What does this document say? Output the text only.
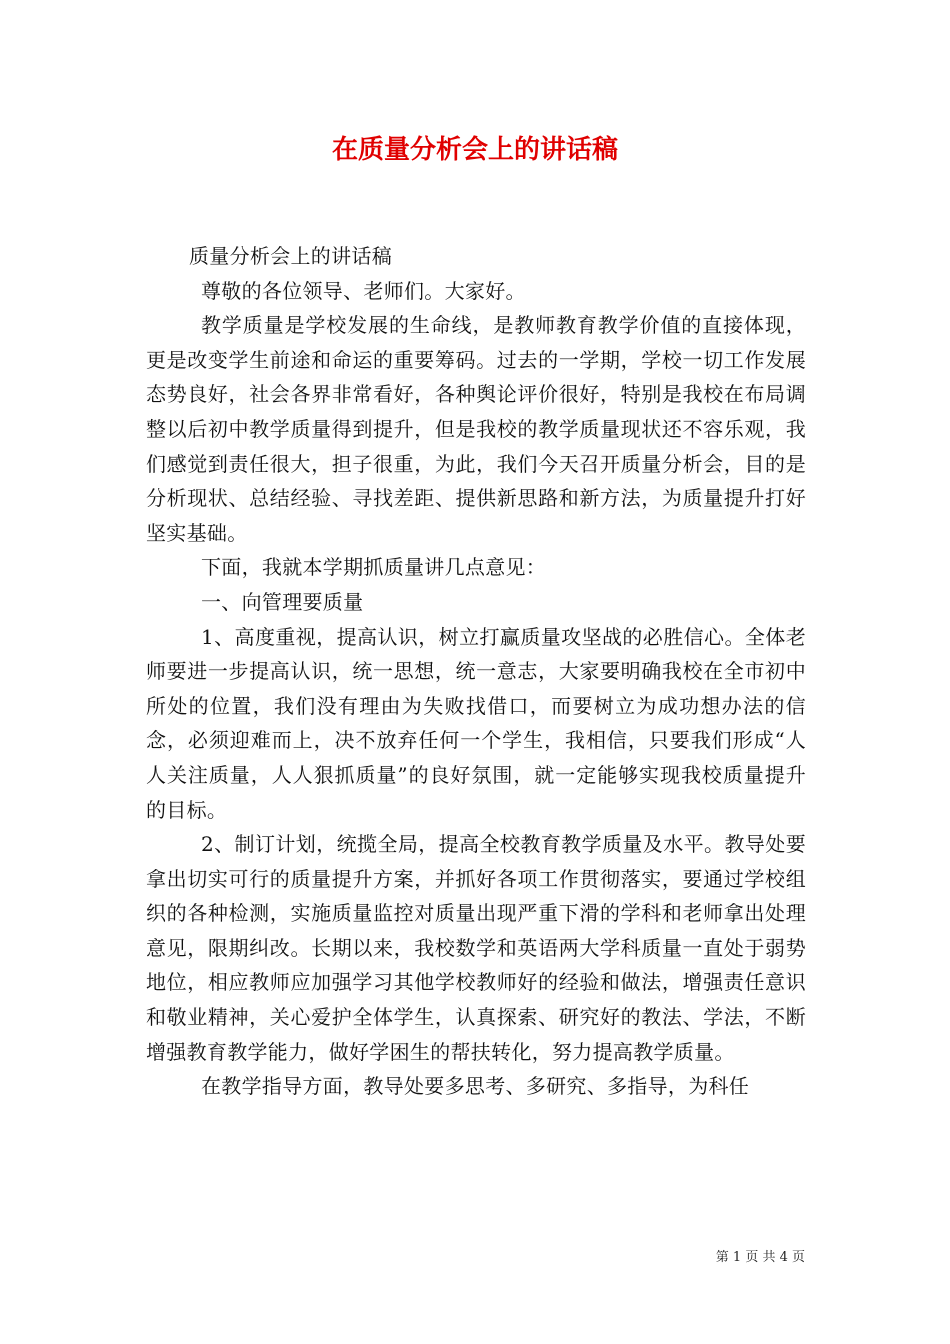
在质量分析会上的讲话稿

质量分析会上的讲话稿

尊敬的各位领导、老师们。大家好。

教学质量是学校发展的生命线，是教师教育教学价值的直接体现，更是改变学生前途和命运的重要筹码。过去的一学期，学校一切工作发展态势良好，社会各界非常看好，各种舆论评价很好，特别是我校在布局调整以后初中教学质量得到提升，但是我校的教学质量现状还不容乐观，我们感觉到责任很大，担子很重，为此，我们今天召开质量分析会，目的是分析现状、总结经验、寻找差距、提供新思路和新方法，为质量提升打好坚实基础。

下面，我就本学期抓质量讲几点意见：

一、向管理要质量

1、高度重视，提高认识，树立打赢质量攻坚战的必胜信心。全体老师要进一步提高认识，统一思想，统一意志，大家要明确我校在全市初中所处的位置，我们没有理由为失败找借口，而要树立为成功想办法的信念，必须迎难而上，决不放弃任何一个学生，我相信，只要我们形成“人人关注质量，人人狠抓质量”的良好氛围，就一定能够实现我校质量提升的目标。

2、制订计划，统揽全局，提高全校教育教学质量及水平。教导处要拿出切实可行的质量提升方案，并抓好各项工作贯彻落实，要通过学校组织的各种检测，实施质量监控对质量出现严重下滑的学科和老师拿出处理意见，限期纠改。长期以来，我校数学和英语两大学科质量一直处于弱势地位，相应教师应加强学习其他学校教师好的经验和做法，增强责任意识和敬业精神，关心爱护全体学生，认真探索、研究好的教法、学法，不断增强教育教学能力，做好学困生的帮扶转化，努力提高教学质量。

在教学指导方面，教导处要多思考、多研究、多指导，为科任

第 1 页 共 4 页
